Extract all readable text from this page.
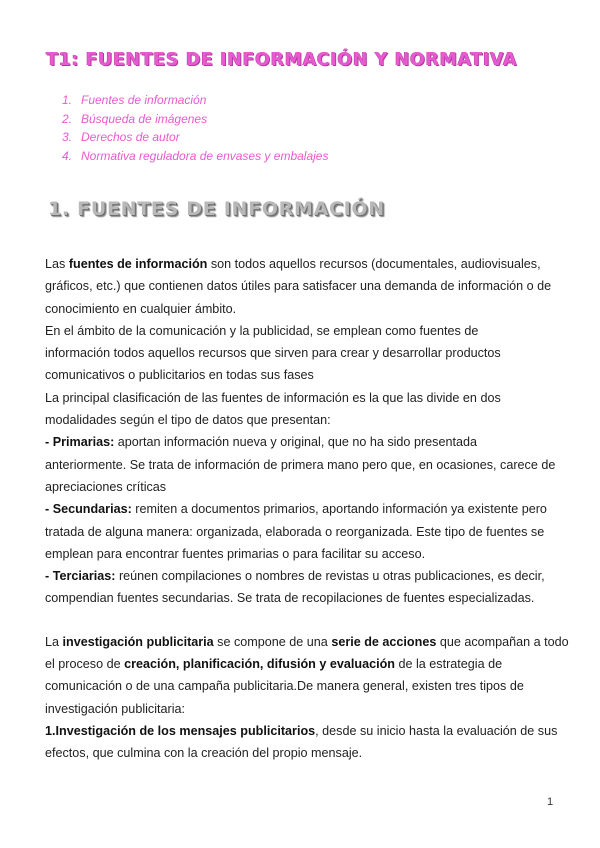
T1: FUENTES DE INFORMACIÓN Y NORMATIVA
1. Fuentes de información
2. Búsqueda de imágenes
3. Derechos de autor
4. Normativa reguladora de envases y embalajes
1. FUENTES DE INFORMACIÓN
Las fuentes de información son todos aquellos recursos (documentales, audiovisuales,
gráficos, etc.) que contienen datos útiles para satisfacer una demanda de información o de
conocimiento en cualquier ámbito.
En el ámbito de la comunicación y la publicidad, se emplean como fuentes de
información todos aquellos recursos que sirven para crear y desarrollar productos
comunicativos o publicitarios en todas sus fases
La principal clasificación de las fuentes de información es la que las divide en dos
modalidades según el tipo de datos que presentan:
- Primarias: aportan información nueva y original, que no ha sido presentada
anteriormente. Se trata de información de primera mano pero que, en ocasiones, carece de
apreciaciones críticas
- Secundarias: remiten a documentos primarios, aportando información ya existente pero
tratada de alguna manera: organizada, elaborada o reorganizada. Este tipo de fuentes se
emplean para encontrar fuentes primarias o para facilitar su acceso.
- Terciarias: reúnen compilaciones o nombres de revistas u otras publicaciones, es decir,
compendian fuentes secundarias. Se trata de recopilaciones de fuentes especializadas.
La investigación publicitaria se compone de una serie de acciones que acompañan a todo
el proceso de creación, planificación, difusión y evaluación de la estrategia de
comunicación o de una campaña publicitaria.De manera general, existen tres tipos de
investigación publicitaria:
1.Investigación de los mensajes publicitarios, desde su inicio hasta la evaluación de sus
efectos, que culmina con la creación del propio mensaje.
1
